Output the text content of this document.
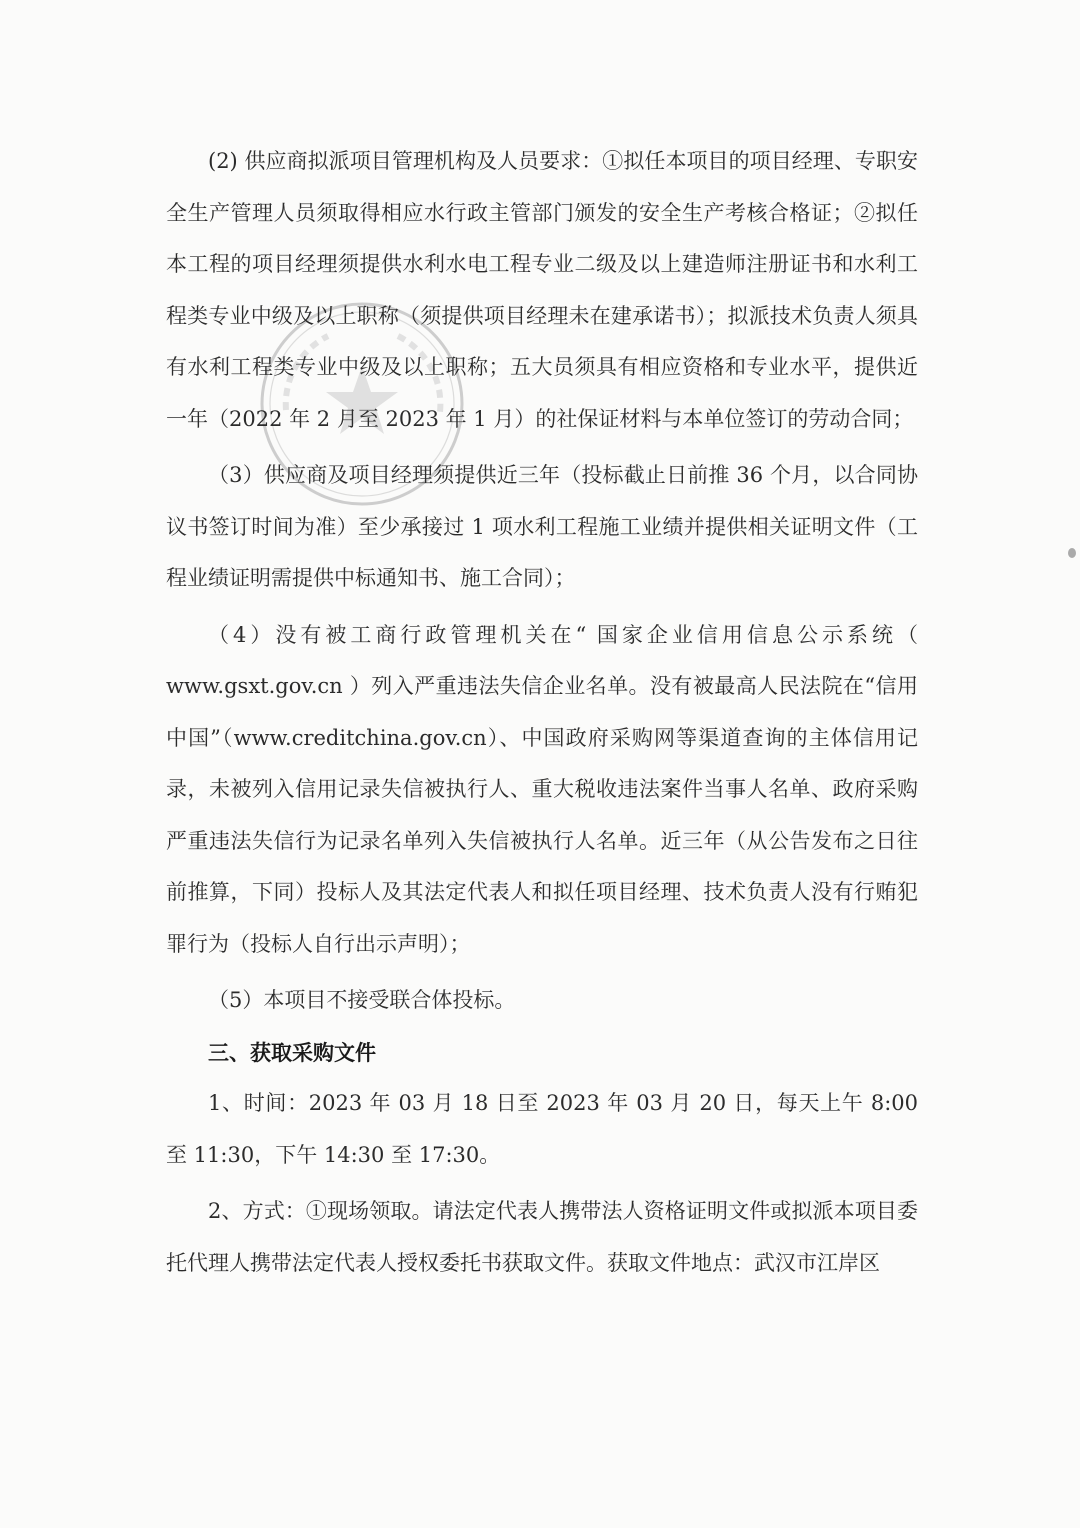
(2) 供应商拟派项目管理机构及人员要求：①拟任本项目的项目经理、专职安全生产管理人员须取得相应水行政主管部门颁发的安全生产考核合格证；②拟任本工程的项目经理须提供水利水电工程专业二级及以上建造师注册证书和水利工程类专业中级及以上职称（须提供项目经理未在建承诺书）；拟派技术负责人须具有水利工程类专业中级及以上职称；五大员须具有相应资格和专业水平，提供近一年（2022 年 2 月至 2023 年 1 月）的社保证材料与本单位签订的劳动合同；

（3）供应商及项目经理须提供近三年（投标截止日前推 36 个月，以合同协议书签订时间为准）至少承接过 1 项水利工程施工业绩并提供相关证明文件（工程业绩证明需提供中标通知书、施工合同）；

（4）没有被工商行政管理机关在“ 国家企业信用信息公示系统（ www.gsxt.gov.cn ）列入严重违法失信企业名单。没有被最高人民法院在“信用中国”（www.creditchina.gov.cn）、中国政府采购网等渠道查询的主体信用记录，未被列入信用记录失信被执行人、重大税收违法案件当事人名单、政府采购严重违法失信行为记录名单列入失信被执行人名单。近三年（从公告发布之日往前推算，下同）投标人及其法定代表人和拟任项目经理、技术负责人没有行贿犯罪行为（投标人自行出示声明）；

（5）本项目不接受联合体投标。

三、获取采购文件

1、时间：2023 年 03 月 18 日至 2023 年 03 月 20 日，每天上午 8:00 至 11:30，下午 14:30 至 17:30。

2、方式：①现场领取。请法定代表人携带法人资格证明文件或拟派本项目委托代理人携带法定代表人授权委托书获取文件。获取文件地点：武汉市江岸区
